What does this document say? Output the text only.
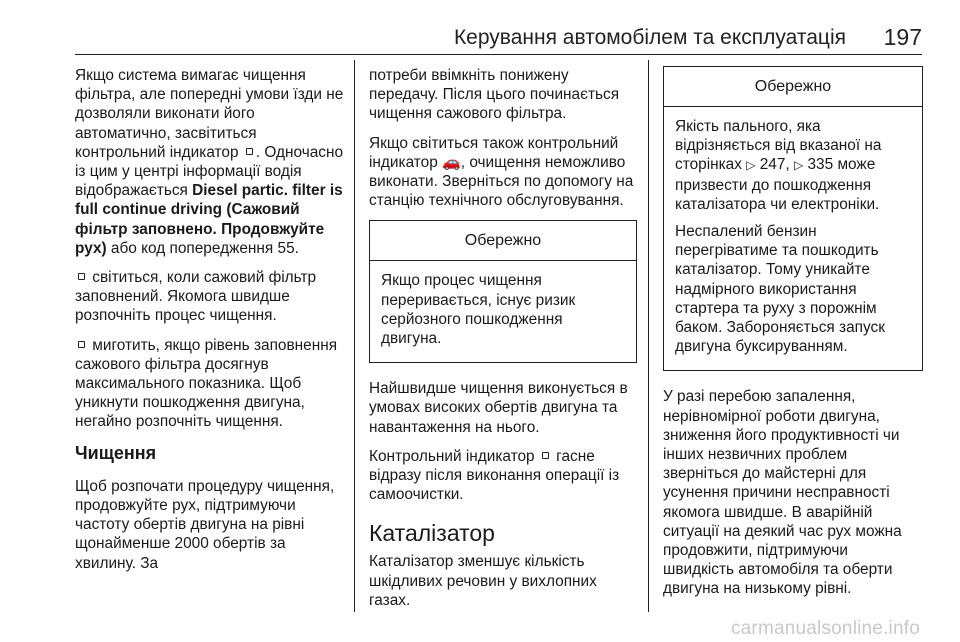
Керування автомобілем та експлуатація 197

Якщо система вимагає чищення фільтра, але попередні умови їзди не дозволяли виконати його автоматично, засвітиться контрольний індикатор . Одночасно із цим у центрі інформації водія відображається Diesel partic. filter is full continue driving (Сажовий фільтр заповнено. Продовжуйте рух) або код попередження 55.

світиться, коли сажовий фільтр заповнений. Якомога швидше розпочніть процес чищення.

миготить, якщо рівень заповнення сажового фільтра досягнув максимального показника. Щоб уникнути пошкодження двигуна, негайно розпочніть чищення.

Чищення

Щоб розпочати процедуру чищення, продовжуйте рух, підтримуючи частоту обертів двигуна на рівні щонайменше 2000 обертів за хвилину. За

потреби ввімкніть понижену передачу. Після цього починається чищення сажового фільтра.

Якщо світиться також контрольний індикатор 🚗, очищення неможливо виконати. Зверніться по допомогу на станцію технічного обслуговування.

Обережно

Якщо процес чищення переривається, існує ризик серйозного пошкодження двигуна.

Найшвидше чищення виконується в умовах високих обертів двигуна та навантаження на нього.

Контрольний індикатор гасне відразу після виконання операції із самоочистки.

Каталізатор

Каталізатор зменшує кількість шкідливих речовин у вихлопних газах.

Обережно

Якість пального, яка відрізняється від вказаної на сторінках ▷ 247, ▷ 335 може призвести до пошкодження каталізатора чи електроніки.

Неспалений бензин перегріватиме та пошкодить каталізатор. Тому уникайте надмірного використання стартера та руху з порожнім баком. Забороняється запуск двигуна буксируванням.

У разі перебою запалення, нерівномірної роботи двигуна, зниження його продуктивності чи інших незвичних проблем зверніться до майстерні для усунення причини несправності якомога швидше. В аварійній ситуації на деякий час рух можна продовжити, підтримуючи швидкість автомобіля та оберти двигуна на низькому рівні.

carmanualsonline.info
